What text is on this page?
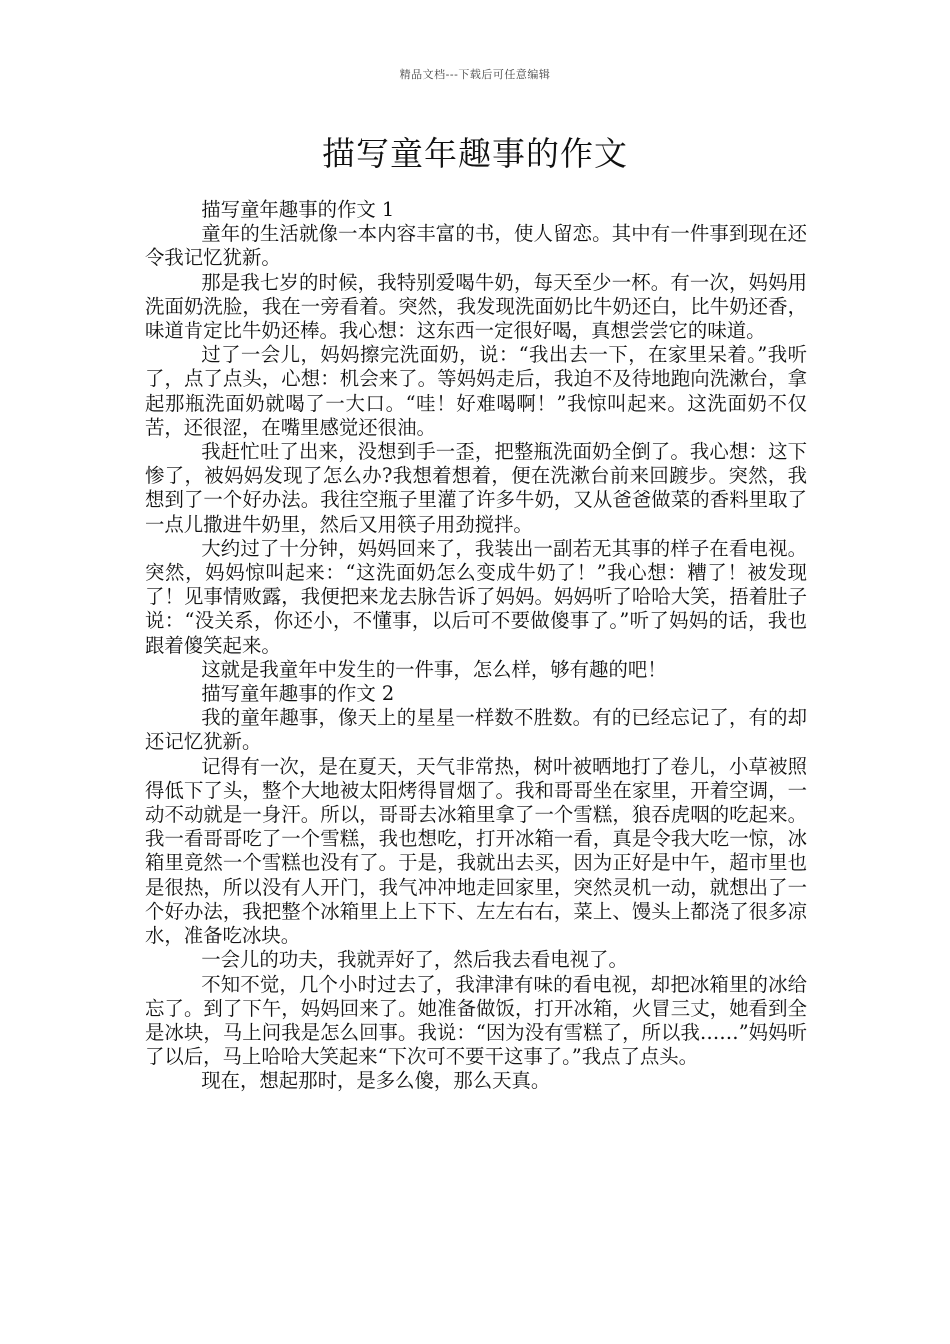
精品文档---下载后可任意编辑
描写童年趣事的作文

描写童年趣事的作文 1

童年的生活就像一本内容丰富的书，使人留恋。其中有一件事到现在还令我记忆犹新。

那是我七岁的时候，我特别爱喝牛奶，每天至少一杯。有一次，妈妈用洗面奶洗脸，我在一旁看着。突然，我发现洗面奶比牛奶还白，比牛奶还香，味道肯定比牛奶还棒。我心想：这东西一定很好喝，真想尝尝它的味道。

过了一会儿，妈妈擦完洗面奶，说：“我出去一下，在家里呆着。”我听了，点了点头，心想：机会来了。等妈妈走后，我迫不及待地跑向洗漱台，拿起那瓶洗面奶就喝了一大口。“哇！好难喝啊！”我惊叫起来。这洗面奶不仅苦，还很涩，在嘴里感觉还很油。

我赶忙吐了出来，没想到手一歪，把整瓶洗面奶全倒了。我心想：这下惨了，被妈妈发现了怎么办?我想着想着，便在洗漱台前来回踱步。突然，我想到了一个好办法。我往空瓶子里灌了许多牛奶，又从爸爸做菜的香料里取了一点儿撒进牛奶里，然后又用筷子用劲搅拌。

大约过了十分钟，妈妈回来了，我装出一副若无其事的样子在看电视。突然，妈妈惊叫起来：“这洗面奶怎么变成牛奶了！”我心想：糟了！被发现了！见事情败露，我便把来龙去脉告诉了妈妈。妈妈听了哈哈大笑，捂着肚子说：“没关系，你还小，不懂事，以后可不要做傻事了。”听了妈妈的话，我也跟着傻笑起来。

这就是我童年中发生的一件事，怎么样，够有趣的吧！

描写童年趣事的作文 2

我的童年趣事，像天上的星星一样数不胜数。有的已经忘记了，有的却还记忆犹新。

记得有一次，是在夏天，天气非常热，树叶被晒地打了卷儿，小草被照得低下了头，整个大地被太阳烤得冒烟了。我和哥哥坐在家里，开着空调，一动不动就是一身汗。所以，哥哥去冰箱里拿了一个雪糕，狼吞虎咽的吃起来。我一看哥哥吃了一个雪糕，我也想吃，打开冰箱一看，真是令我大吃一惊，冰箱里竟然一个雪糕也没有了。于是，我就出去买，因为正好是中午，超市里也是很热，所以没有人开门，我气冲冲地走回家里，突然灵机一动，就想出了一个好办法，我把整个冰箱里上上下下、左左右右，菜上、馒头上都浇了很多凉水，准备吃冰块。

一会儿的功夫，我就弄好了，然后我去看电视了。

不知不觉，几个小时过去了，我津津有味的看电视，却把冰箱里的冰给忘了。到了下午，妈妈回来了。她准备做饭，打开冰箱，火冒三丈，她看到全是冰块，马上问我是怎么回事。我说：“因为没有雪糕了，所以我……”妈妈听了以后，马上哈哈大笑起来“下次可不要干这事了。”我点了点头。

现在，想起那时，是多么傻，那么天真。
